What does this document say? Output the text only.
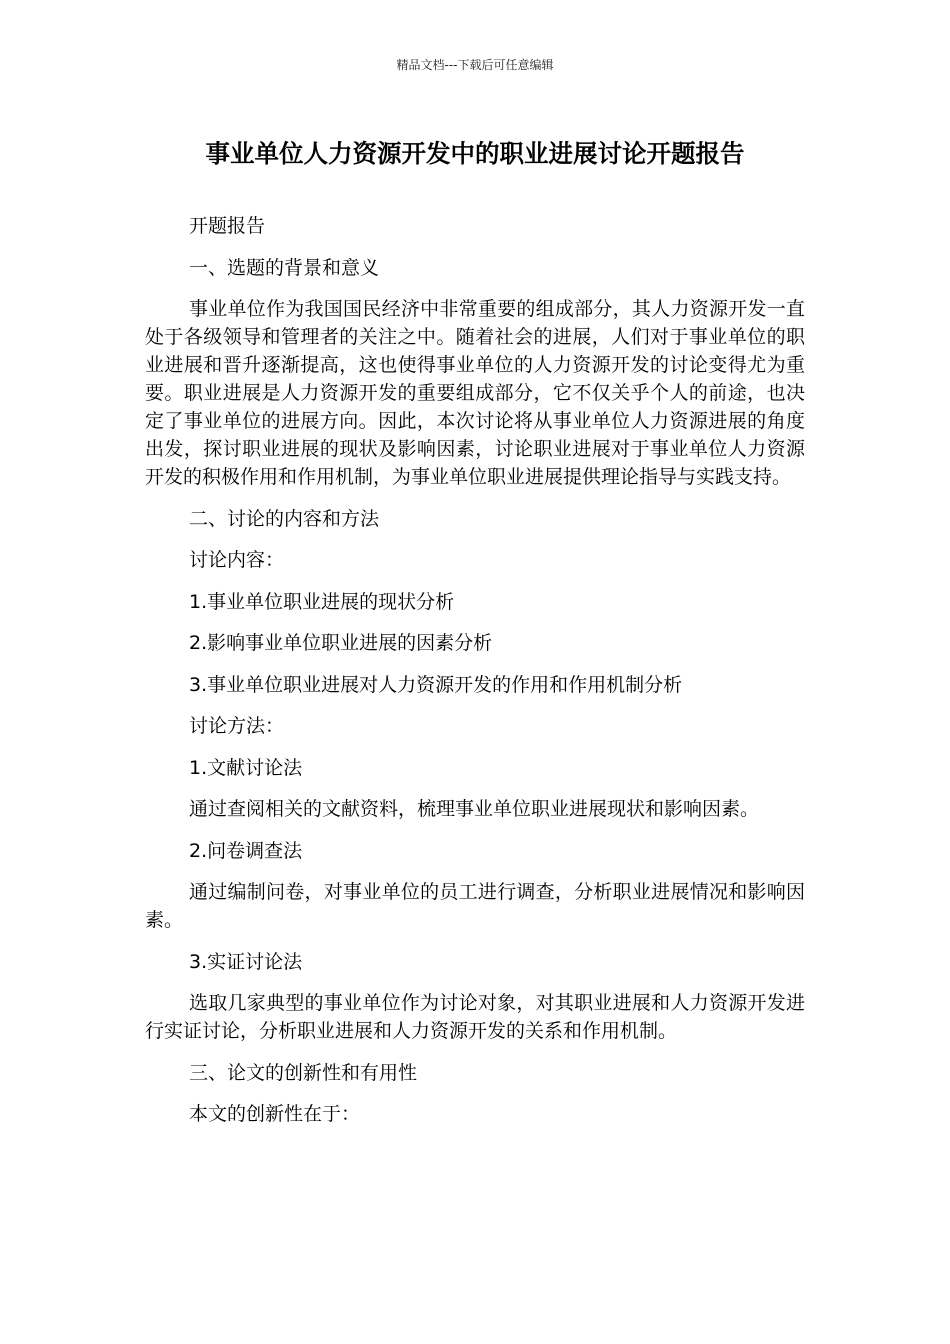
精品文档---下载后可任意编辑
事业单位人力资源开发中的职业进展讨论开题报告

开题报告

一、选题的背景和意义

事业单位作为我国国民经济中非常重要的组成部分，其人力资源开发一直处于各级领导和管理者的关注之中。随着社会的进展，人们对于事业单位的职业进展和晋升逐渐提高，这也使得事业单位的人力资源开发的讨论变得尤为重要。职业进展是人力资源开发的重要组成部分，它不仅关乎个人的前途，也决定了事业单位的进展方向。因此，本次讨论将从事业单位人力资源进展的角度出发，探讨职业进展的现状及影响因素，讨论职业进展对于事业单位人力资源开发的积极作用和作用机制，为事业单位职业进展提供理论指导与实践支持。

二、讨论的内容和方法

讨论内容：

1.事业单位职业进展的现状分析

2.影响事业单位职业进展的因素分析

3.事业单位职业进展对人力资源开发的作用和作用机制分析

讨论方法：

1.文献讨论法

通过查阅相关的文献资料，梳理事业单位职业进展现状和影响因素。

2.问卷调查法

通过编制问卷，对事业单位的员工进行调查，分析职业进展情况和影响因素。

3.实证讨论法

选取几家典型的事业单位作为讨论对象，对其职业进展和人力资源开发进行实证讨论，分析职业进展和人力资源开发的关系和作用机制。

三、论文的创新性和有用性

本文的创新性在于：
